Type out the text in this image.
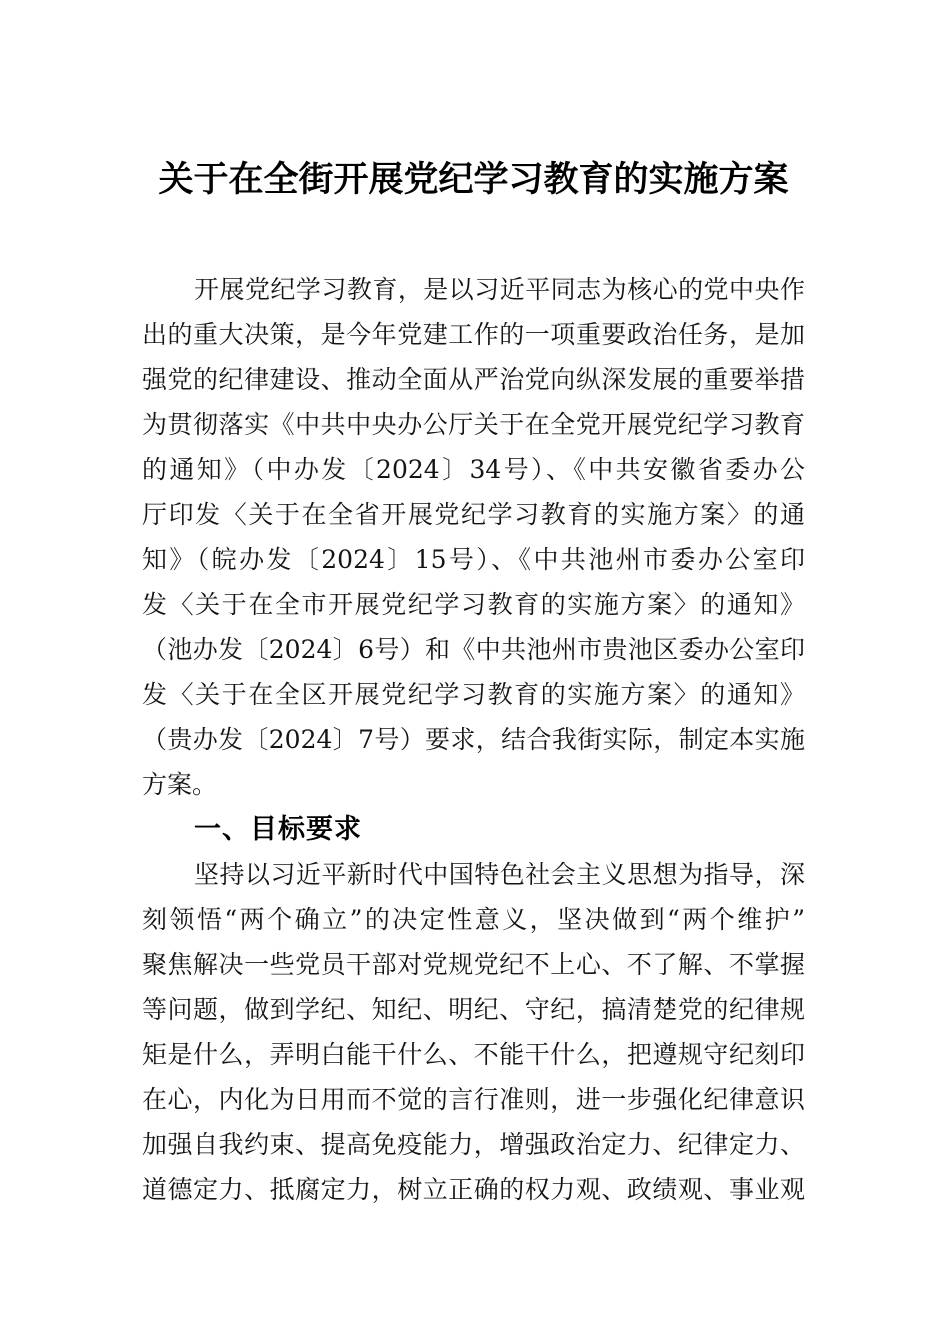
关于在全街开展党纪学习教育的实施方案
开展党纪学习教育，是以习近平同志为核心的党中央作
出的重大决策，是今年党建工作的一项重要政治任务，是加
强党的纪律建设、推动全面从严治党向纵深发展的重要举措
为贯彻落实《中共中央办公厅关于在全党开展党纪学习教育
的通知》（中办发〔2024〕34号）、《中共安徽省委办公
厅印发〈关于在全省开展党纪学习教育的实施方案〉的通
知》（皖办发〔2024〕15号）、《中共池州市委办公室印
发〈关于在全市开展党纪学习教育的实施方案〉的通知》
（池办发〔2024〕6号）和《中共池州市贵池区委办公室印
发〈关于在全区开展党纪学习教育的实施方案〉的通知》
（贵办发〔2024〕7号）要求，结合我街实际，制定本实施
方案。
一、目标要求
坚持以习近平新时代中国特色社会主义思想为指导，深
刻领悟“两个确立”的决定性意义，坚决做到“两个维护”
聚焦解决一些党员干部对党规党纪不上心、不了解、不掌握
等问题，做到学纪、知纪、明纪、守纪，搞清楚党的纪律规
矩是什么，弄明白能干什么、不能干什么，把遵规守纪刻印
在心，内化为日用而不觉的言行准则，进一步强化纪律意识
加强自我约束、提高免疫能力，增强政治定力、纪律定力、
道德定力、抵腐定力，树立正确的权力观、政绩观、事业观
